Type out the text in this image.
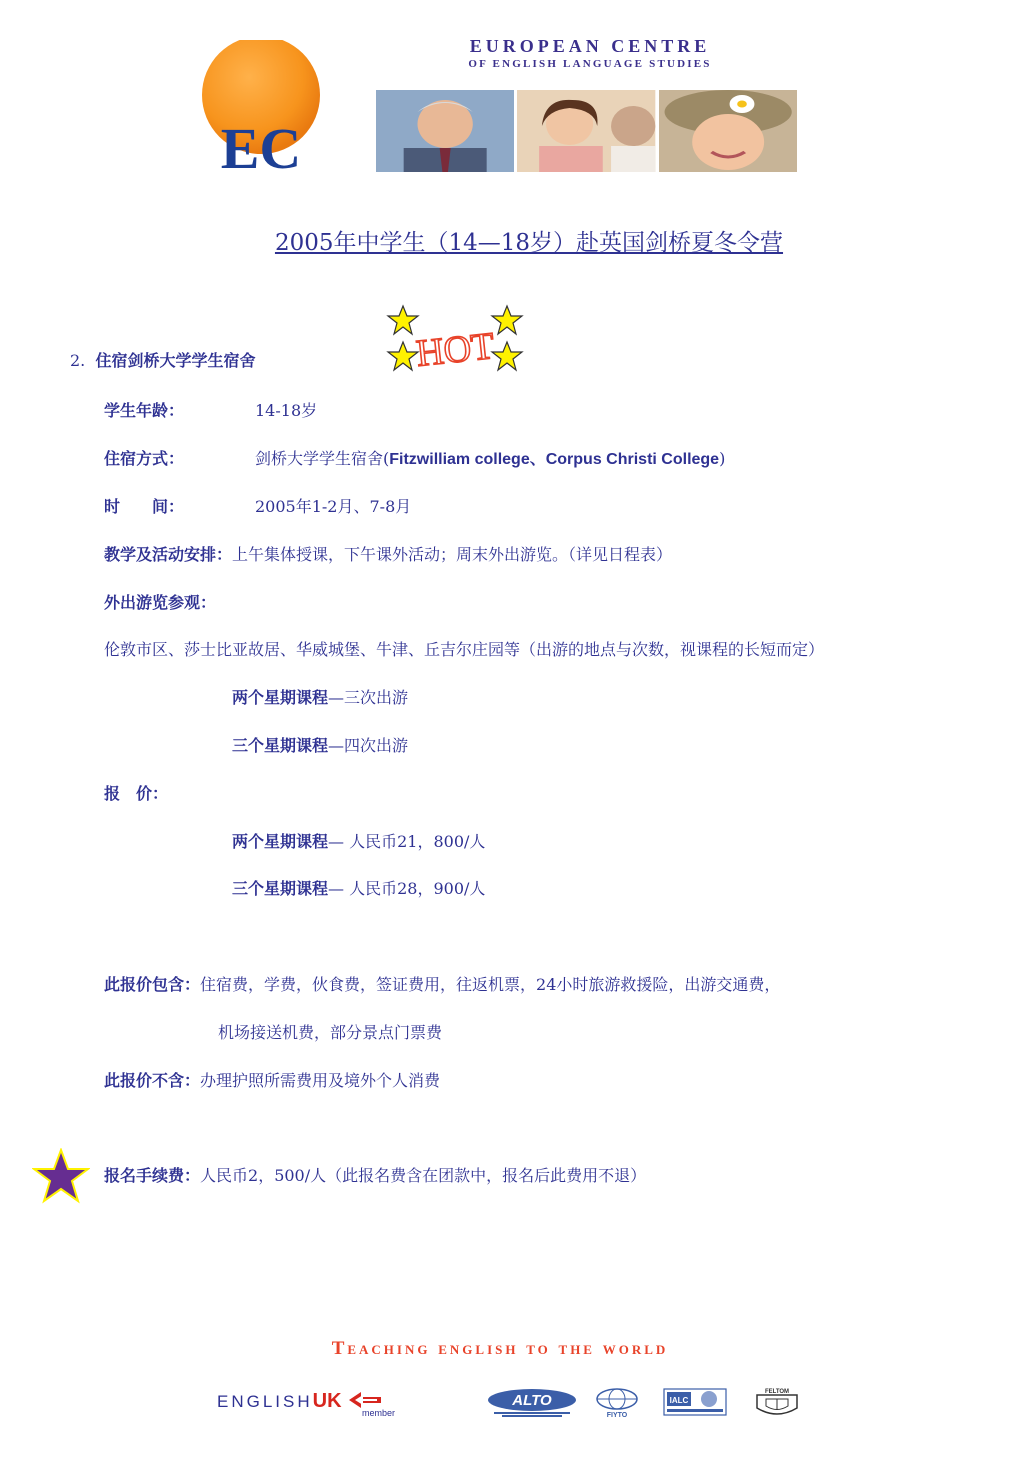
EC
EUROPEAN CENTRE
OF ENGLISH LANGUAGE STUDIES
2005年中学生（14—18岁）赴英国剑桥夏冬令营
HOT
2. 住宿剑桥大学学生宿舍
学生年龄：	14-18岁
住宿方式：	剑桥大学学生宿舍(Fitzwilliam college、Corpus Christi College)
时　　间：	2005年1-2月、7-8月
教学及活动安排：上午集体授课，下午课外活动；周末外出游览。（详见日程表）
外出游览参观：
伦敦市区、莎士比亚故居、华威城堡、牛津、丘吉尔庄园等（出游的地点与次数，视课程的长短而定）
两个星期课程—三次出游
三个星期课程—四次出游
报　价：
两个星期课程— 人民币21，800/人
三个星期课程— 人民币28，900/人
此报价包含：住宿费，学费，伙食费，签证费用，往返机票，24小时旅游救援险，出游交通费，
机场接送机费，部分景点门票费
此报价不含：办理护照所需费用及境外个人消费
报名手续费：人民币2，500/人（此报名费含在团款中，报名后此费用不退）
Teaching english to the world
ENGLISHUK
member
ALTO
FIYTO
IALC
FELTOM
